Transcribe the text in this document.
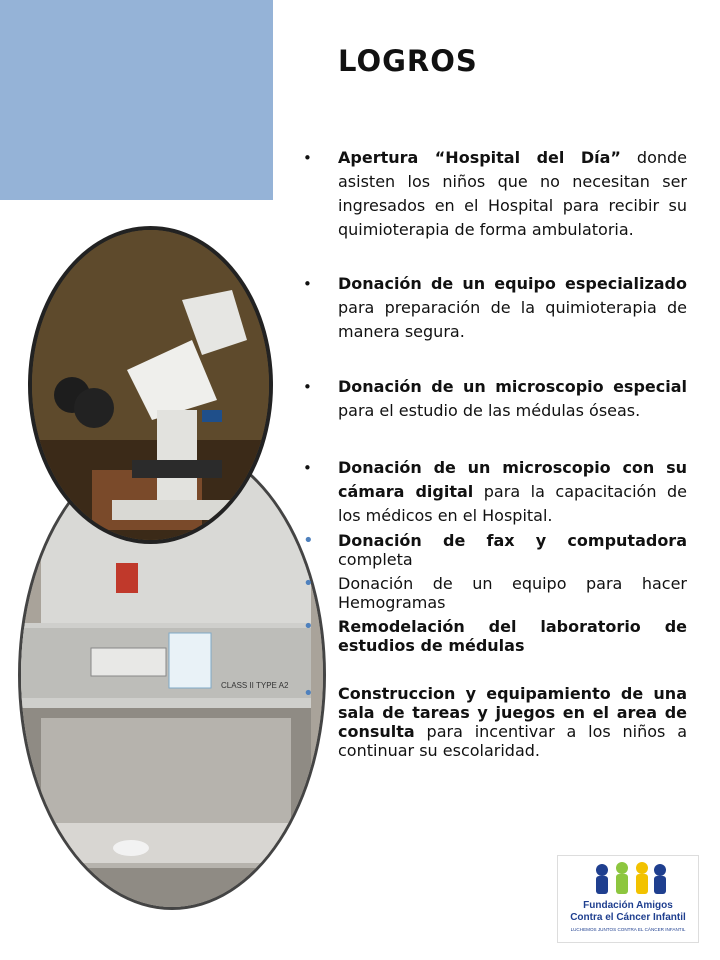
LOGROS
CLASS II TYPE A2
•	Apertura “Hospital del Día” donde asisten los niños que no necesitan ser ingresados en el Hospital para recibir su quimioterapia de forma ambulatoria.
•	Donación de un equipo especializado para preparación de la quimioterapia de manera segura.
•	Donación de un microscopio especial para el estudio de las médulas óseas.
•	Donación de un microscopio con su cámara digital para la capacitación de los médicos en el Hospital.
•	Donación de fax y computadora completa
•	Donación de un equipo para hacer Hemogramas
•	Remodelación del laboratorio de estudios de médulas
•	Construccion y equipamiento de una sala de tareas y juegos en el area de consulta para incentivar a los niños a continuar su escolaridad.
Fundación Amigos
Contra el Cáncer Infantil
LUCHEMOS JUNTOS CONTRA EL CÁNCER INFANTIL
